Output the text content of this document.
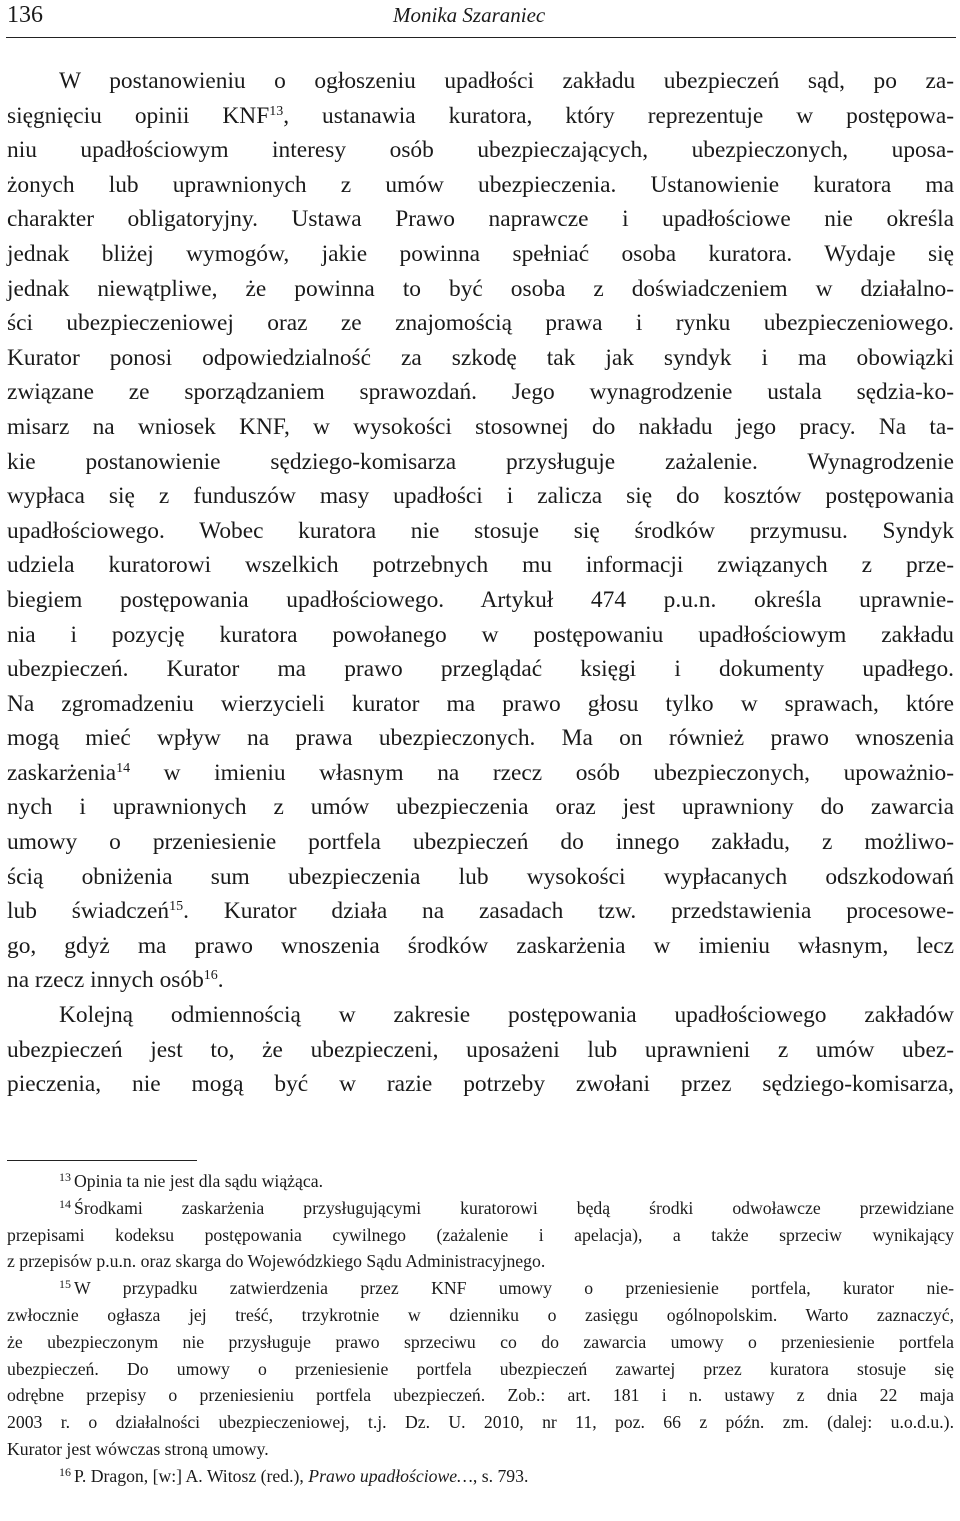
136	Monika Szaraniec
W postanowieniu o ogłoszeniu upadłości zakładu ubezpieczeń sąd, po za-
sięgnięciu opinii KNF$^{13}$, ustanawia kuratora, który reprezentuje w postępowa-
niu upadłościowym interesy osób ubezpieczających, ubezpieczonych, uposa-
żonych lub uprawnionych z umów ubezpieczenia. Ustanowienie kuratora ma
charakter obligatoryjny. Ustawa Prawo naprawcze i upadłościowe nie określa
jednak bliżej wymogów, jakie powinna spełniać osoba kuratora. Wydaje się
jednak niewątpliwe, że powinna to być osoba z doświadczeniem w działalno-
ści ubezpieczeniowej oraz ze znajomością prawa i rynku ubezpieczeniowego.
Kurator ponosi odpowiedzialność za szkodę tak jak syndyk i ma obowiązki
związane ze sporządzaniem sprawozdań. Jego wynagrodzenie ustala sędzia-ko-
misarz na wniosek KNF, w wysokości stosownej do nakładu jego pracy. Na ta-
kie postanowienie sędziego-komisarza przysługuje zażalenie. Wynagrodzenie
wypłaca się z funduszów masy upadłości i zalicza się do kosztów postępowania
upadłościowego. Wobec kuratora nie stosuje się środków przymusu. Syndyk
udziela kuratorowi wszelkich potrzebnych mu informacji związanych z prze-
biegiem postępowania upadłościowego. Artykuł 474 p.u.n. określa uprawnie-
nia i pozycję kuratora powołanego w postępowaniu upadłościowym zakładu
ubezpieczeń. Kurator ma prawo przeglądać księgi i dokumenty upadłego.
Na zgromadzeniu wierzycieli kurator ma prawo głosu tylko w sprawach, które
mogą mieć wpływ na prawa ubezpieczonych. Ma on również prawo wnoszenia
zaskarżenia$^{14}$ w imieniu własnym na rzecz osób ubezpieczonych, upoważnio-
nych i uprawnionych z umów ubezpieczenia oraz jest uprawniony do zawarcia
umowy o przeniesienie portfela ubezpieczeń do innego zakładu, z możliwo-
ścią obniżenia sum ubezpieczenia lub wysokości wypłacanych odszkodowań
lub świadczeń$^{15}$. Kurator działa na zasadach tzw. przedstawienia procesowe-
go, gdyż ma prawo wnoszenia środków zaskarżenia w imieniu własnym, lecz
na rzecz innych osób$^{16}$.
Kolejną odmiennością w zakresie postępowania upadłościowego zakładów
ubezpieczeń jest to, że ubezpieczeni, uposażeni lub uprawnieni z umów ubez-
pieczenia, nie mogą być w razie potrzeby zwołani przez sędziego-komisarza,
$^{13}$ Opinia ta nie jest dla sądu wiążąca.
$^{14}$ Środkami zaskarżenia przysługującymi kuratorowi będą środki odwoławcze przewidziane
przepisami kodeksu postępowania cywilnego (zażalenie i apelacja), a także sprzeciw wynikający
z przepisów p.u.n. oraz skarga do Wojewódzkiego Sądu Administracyjnego.
$^{15}$ W przypadku zatwierdzenia przez KNF umowy o przeniesienie portfela, kurator nie-
zwłocznie ogłasza jej treść, trzykrotnie w dzienniku o zasięgu ogólnopolskim. Warto zaznaczyć,
że ubezpieczonym nie przysługuje prawo sprzeciwu co do zawarcia umowy o przeniesienie portfela
ubezpieczeń. Do umowy o przeniesienie portfela ubezpieczeń zawartej przez kuratora stosuje się
odrębne przepisy o przeniesieniu portfela ubezpieczeń. Zob.: art. 181 i n. ustawy z dnia 22 maja
2003 r. o działalności ubezpieczeniowej, t.j. Dz. U. 2010, nr 11, poz. 66 z późn. zm. (dalej: u.o.d.u.).
Kurator jest wówczas stroną umowy.
$^{16}$ P. Dragon, [w:] A. Witosz (red.), Prawo upadłościowe…, s. 793.
